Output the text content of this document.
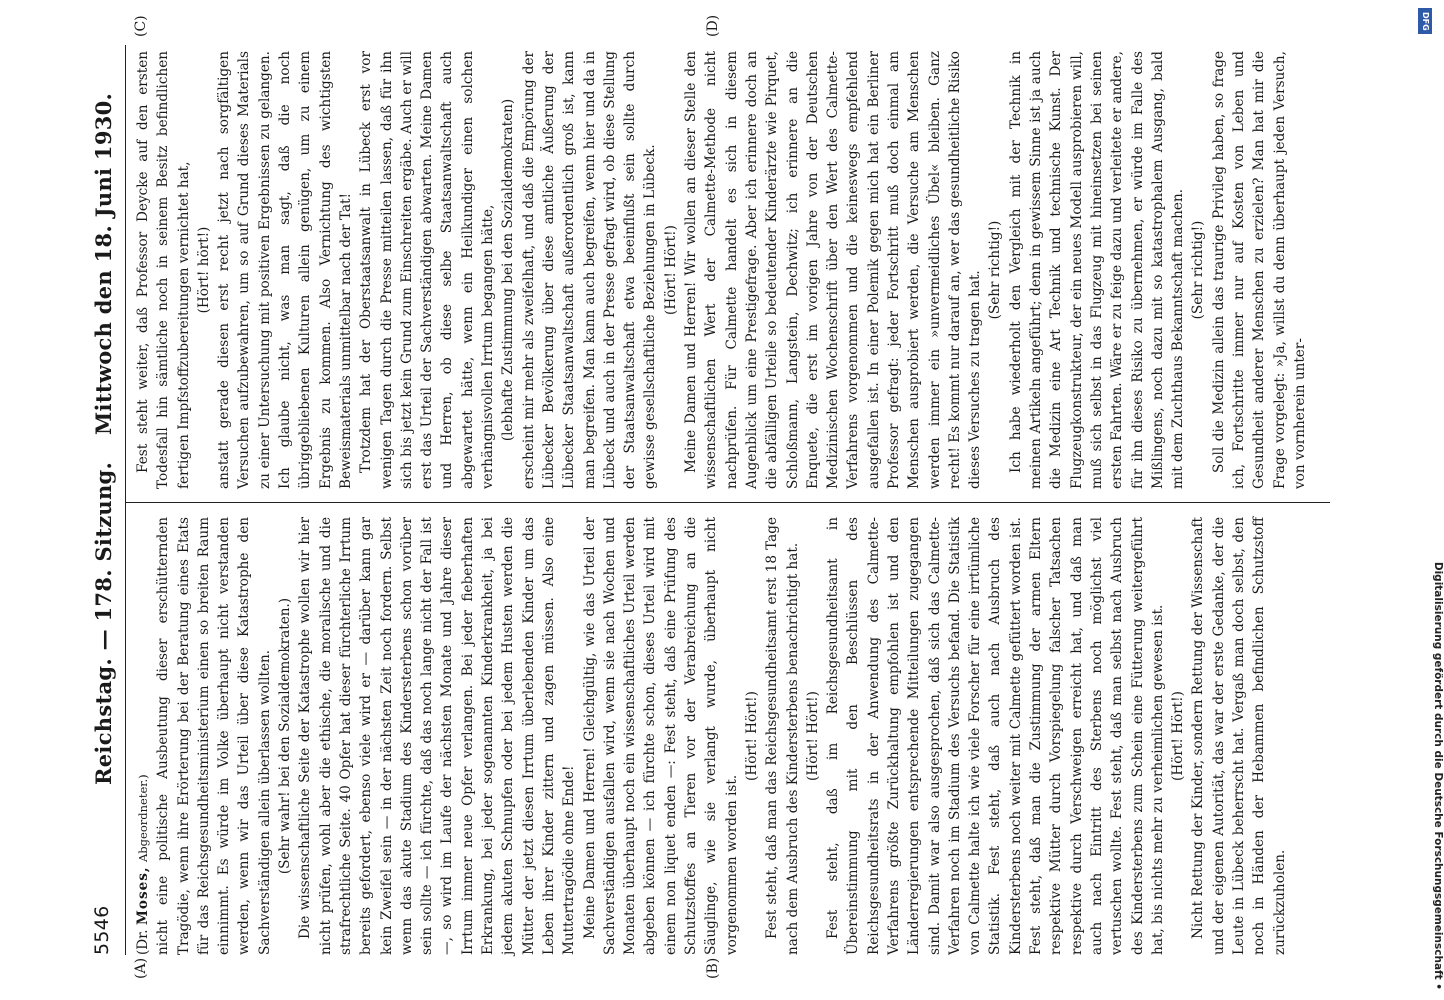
5546
Reichstag. — 178. Sitzung.
Mittwoch den 18. Juni 1930.
(A)	(B)
(C)	(D)

(Dr. Moses, Abgeordneter.) nicht eine politische Ausbeutung dieser erschütternden Tragödie, wenn ihre Erörterung bei der Beratung eines Etats für das Reichsgesundheitsministerium einen so breiten Raum einnimmt. Es würde im Volke überhaupt nicht verstanden werden, wenn wir das Urteil über diese Katastrophe den Sachverständigen allein überlassen wollten. (Sehr wahr! bei den Sozialdemokraten.) Die wissenschaftliche Seite der Katastrophe wollen wir hier nicht prüfen, wohl aber die ethische, die moralische und die strafrechtliche Seite. 40 Opfer hat dieser fürchterliche Irrtum bereits gefordert, ebenso viele wird er — darüber kann gar kein Zweifel sein — in der nächsten Zeit noch fordern. Selbst wenn das akute Stadium des Kindersterbens schon vorüber sein sollte — ich fürchte, daß das noch lange nicht der Fall ist —, so wird im Laufe der nächsten Monate und Jahre dieser Irrtum immer neue Opfer verlangen. Bei jeder fieberhaften Erkrankung, bei jeder sogenannten Kinderkrankheit, ja bei jedem akuten Schnupfen oder bei jedem Husten werden die Mütter der jetzt diesen Irrtum überlebenden Kinder um das Leben ihrer Kinder zittern und zagen müssen. Also eine Muttertragödie ohne Ende! Meine Damen und Herren! Gleichgültig, wie das Urteil der Sachverständigen ausfallen wird, wenn sie nach Wochen und Monaten überhaupt noch ein wissenschaftliches Urteil werden abgeben können — ich fürchte schon, dieses Urteil wird mit einem non liquet enden —: Fest steht, daß eine Prüfung des Schutzstoffes an Tieren vor der Verabreichung an die Säuglinge, wie sie verlangt wurde, überhaupt nicht vorgenommen worden ist.

(Hört! Hört!) Fest steht, daß man das Reichsgesundheitsamt erst 18 Tage nach dem Ausbruch des Kindersterbens benachrichtigt hat. (Hört! Hört!) Fest steht, daß im Reichsgesundheitsamt in Übereinstimmung mit den Beschlüssen des Reichsgesundheitsrats in der Anwendung des Calmette-Verfahrens größte Zurückhaltung empfohlen ist und den Länderregierungen entsprechende Mitteilungen zugegangen sind. Damit war also ausgesprochen, daß sich das Calmette-Verfahren noch im Stadium des Versuchs befand. Die Statistik von Calmette halte ich wie viele Forscher für eine irrtümliche Statistik. Fest steht, daß auch nach Ausbruch des Kindersterbens noch weiter mit Calmette gefüttert worden ist. Fest steht, daß man die Zustimmung der armen Eltern respektive Mütter durch Vorspiegelung falscher Tatsachen respektive durch Verschweigen erreicht hat, und daß man auch nach Eintritt des Sterbens noch möglichst viel vertuschen wollte. Fest steht, daß man selbst nach Ausbruch des Kindersterbens zum Schein eine Fütterung weitergeführt hat, bis nichts mehr zu verheimlichen gewesen ist. (Hört! Hört!) Nicht Rettung der Kinder, sondern Rettung der Wissenschaft und der eigenen Autorität, das war der erste Gedanke, der die Leute in Lübeck beherrscht hat. Vergaß man doch selbst, den noch in Händen der Hebammen befindlichen Schutzstoff zurückzuholen.

Fest steht weiter, daß Professor Deycke auf den ersten Todesfall hin sämtliche noch in seinem Besitz befindlichen fertigen Impfstoffzubereitungen vernichtet hat, (Hört! hört!) anstatt gerade diesen erst recht jetzt nach sorgfältigen Versuchen aufzubewahren, um so auf Grund dieses Materials zu einer Untersuchung mit positiven Ergebnissen zu gelangen. Ich glaube nicht, was man sagt, daß die noch übriggebliebenen Kulturen allein genügen, um zu einem Ergebnis zu kommen. Also Vernichtung des wichtigsten Beweismaterials unmittelbar nach der Tat! Trotzdem hat der Oberstaatsanwalt in Lübeck erst vor wenigen Tagen durch die Presse mitteilen lassen, daß für ihn sich bis jetzt kein Grund zum Einschreiten ergäbe. Auch er will erst das Urteil der Sachverständigen abwarten. Meine Damen und Herren, ob diese selbe Staatsanwaltschaft auch abgewartet hätte, wenn ein Heilkundiger einen solchen verhängnisvollen Irrtum begangen hätte, (lebhafte Zustimmung bei den Sozialdemokraten) erscheint mir mehr als zweifelhaft, und daß die Empörung der Lübecker Bevölkerung über diese amtliche Äußerung der Lübecker Staatsanwaltschaft außerordentlich groß ist, kann man begreifen. Man kann auch begreifen, wenn hier und da in Lübeck und auch in der Presse gefragt wird, ob diese Stellung der Staatsanwaltschaft etwa beeinflußt sein sollte durch gewisse gesellschaftliche Beziehungen in Lübeck. (Hört! Hört!) Meine Damen und Herren! Wir wollen an dieser Stelle den wissenschaftlichen Wert der Calmette-Methode nicht nachprüfen. Für Calmette handelt es sich in diesem Augenblick um eine Prestigefrage. Aber ich erinnere doch an die abfälligen Urteile so bedeutender Kinderärzte wie Pirquet, Schloßmann, Langstein, Dechwitz; ich erinnere an die Enquete, die erst im vorigen Jahre von der Deutschen Medizinischen Wochenschrift über den Wert des Calmette-Verfahrens vorgenommen und die keineswegs empfehlend ausgefallen ist. In einer Polemik gegen mich hat ein Berliner Professor gefragt: jeder Fortschritt muß doch einmal am Menschen ausprobiert werden, die Versuche am Menschen werden immer ein »unvermeidliches Übel« bleiben. Ganz recht! Es kommt nur darauf an, wer das gesundheitliche Risiko dieses Versuches zu tragen hat.

(Sehr richtig!) Ich habe wiederholt den Vergleich mit der Technik in meinen Artikeln angeführt; denn in gewissem Sinne ist ja auch die Medizin eine Art Technik und technische Kunst. Der Flugzeugkonstrukteur, der ein neues Modell ausprobieren will, muß sich selbst in das Flugzeug mit hineinsetzen bei seinen ersten Fahrten. Wäre er zu feige dazu und verleitete er andere, für ihn dieses Risiko zu übernehmen, er würde im Falle des Mißlingens, noch dazu mit so katastrophalem Ausgang, bald mit dem Zuchthaus Bekanntschaft machen. (Sehr richtig!) Soll die Medizin allein das traurige Privileg haben, so frage ich, Fortschritte immer nur auf Kosten von Leben und Gesundheit anderer Menschen zu erzielen? Man hat mir die Frage vorgelegt: »Ja, willst du denn überhaupt jeden Versuch, von vornherein unter-

Digitalisierung gefördert durch die Deutsche Forschungsgemeinschaft •
DFG
